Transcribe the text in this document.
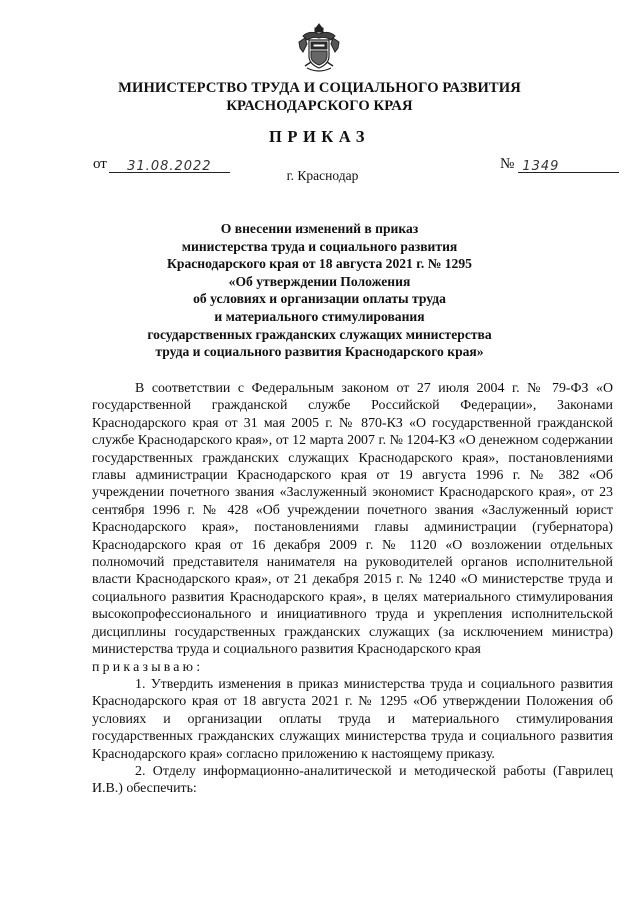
МИНИСТЕРСТВО ТРУДА И СОЦИАЛЬНОГО РАЗВИТИЯ
КРАСНОДАРСКОГО КРАЯ
ПРИКАЗ
от 31.08.2022	№ 1349
г. Краснодар
О внесении изменений в приказ
министерства труда и социального развития
Краснодарского края от 18 августа 2021 г. № 1295
«Об утверждении Положения
об условиях и организации оплаты труда
и материального стимулирования
государственных гражданских служащих министерства
труда и социального развития Краснодарского края»

В соответствии с Федеральным законом от 27 июля 2004 г. № 79-ФЗ «О государственной гражданской службе Российской Федерации», Законами Краснодарского края от 31 мая 2005 г. № 870-КЗ «О государственной гражданской службе Краснодарского края», от 12 марта 2007 г. № 1204-КЗ «О денежном содержании государственных гражданских служащих Краснодарского края», постановлениями главы администрации Краснодарского края от 19 августа 1996 г. № 382 «Об учреждении почетного звания «Заслуженный экономист Краснодарского края», от 23 сентября 1996 г. № 428 «Об учреждении почетного звания «Заслуженный юрист Краснодарского края», постановлениями главы администрации (губернатора) Краснодарского края от 16 декабря 2009 г. № 1120 «О возложении отдельных полномочий представителя нанимателя на руководителей органов исполнительной власти Краснодарского края», от 21 декабря 2015 г. № 1240 «О министерстве труда и социального развития Краснодарского края», в целях материального стимулирования высокопрофессионального и инициативного труда и укрепления исполнительской дисциплины государственных гражданских служащих (за исключением министра) министерства труда и социального развития Краснодарского края

приказываю:

1. Утвердить изменения в приказ министерства труда и социального развития Краснодарского края от 18 августа 2021 г. № 1295 «Об утверждении Положения об условиях и организации оплаты труда и материального стимулирования государственных гражданских служащих министерства труда и социального развития Краснодарского края» согласно приложению к настоящему приказу.

2. Отделу информационно-аналитической и методической работы (Гаврилец И.В.) обеспечить:
